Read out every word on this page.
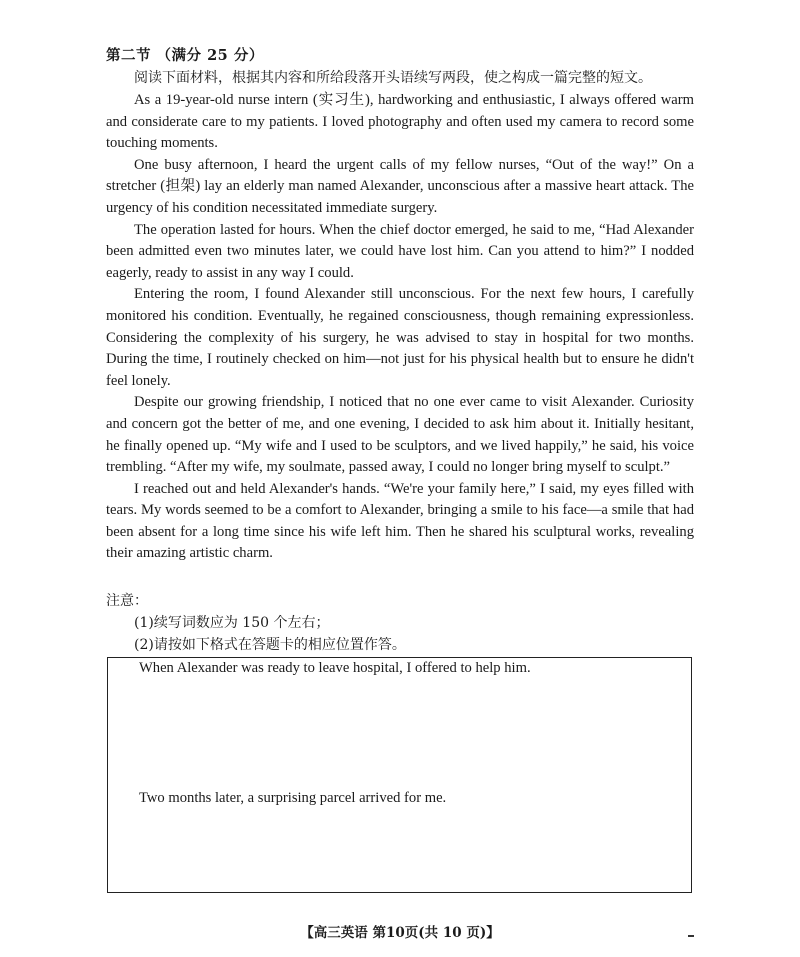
第二节 （满分 25 分）
阅读下面材料，根据其内容和所给段落开头语续写两段，使之构成一篇完整的短文。

As a 19-year-old nurse intern (实习生), hardworking and enthusiastic, I always offered warm and considerate care to my patients. I loved photography and often used my camera to record some touching moments.

One busy afternoon, I heard the urgent calls of my fellow nurses, “Out of the way!” On a stretcher (担架) lay an elderly man named Alexander, unconscious after a massive heart attack. The urgency of his condition necessitated immediate surgery.

The operation lasted for hours. When the chief doctor emerged, he said to me, “Had Alexander been admitted even two minutes later, we could have lost him. Can you attend to him?” I nodded eagerly, ready to assist in any way I could.

Entering the room, I found Alexander still unconscious. For the next few hours, I carefully monitored his condition. Eventually, he regained consciousness, though remaining expressionless. Considering the complexity of his surgery, he was advised to stay in hospital for two months. During the time, I routinely checked on him—not just for his physical health but to ensure he didn't feel lonely.

Despite our growing friendship, I noticed that no one ever came to visit Alexander. Curiosity and concern got the better of me, and one evening, I decided to ask him about it. Initially hesitant, he finally opened up. “My wife and I used to be sculptors, and we lived happily,” he said, his voice trembling. “After my wife, my soulmate, passed away, I could no longer bring myself to sculpt.”

I reached out and held Alexander's hands. “We're your family here,” I said, my eyes filled with tears. My words seemed to be a comfort to Alexander, bringing a smile to his face—a smile that had been absent for a long time since his wife left him. Then he shared his sculptural works, revealing their amazing artistic charm.

注意：
(1)续写词数应为 150 个左右；
(2)请按如下格式在答题卡的相应位置作答。
When Alexander was ready to leave hospital, I offered to help him.
Two months later, a surprising parcel arrived for me.
【高三英语 第10页(共 10 页)】
